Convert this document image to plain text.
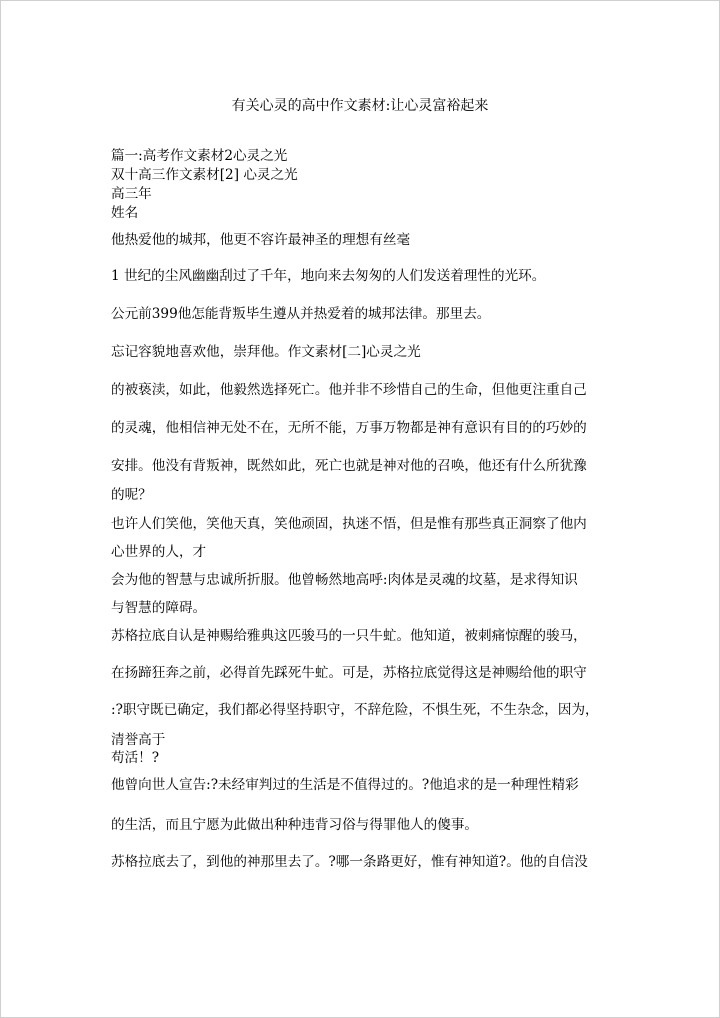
有关心灵的高中作文素材:让心灵富裕起来
篇一:高考作文素材2心灵之光
双十高三作文素材[2] 心灵之光
高三年
姓名
他热爱他的城邦，他更不容许最神圣的理想有丝毫
1 世纪的尘风幽幽刮过了千年，地向来去匆匆的人们发送着理性的光环。
公元前399他怎能背叛毕生遵从并热爱着的城邦法律。那里去。
忘记容貌地喜欢他，崇拜他。作文素材[二]心灵之光
的被亵渎，如此，他毅然选择死亡。他并非不珍惜自己的生命，但他更注重自己
的灵魂，他相信神无处不在，无所不能，万事万物都是神有意识有目的的巧妙的
安排。他没有背叛神，既然如此，死亡也就是神对他的召唤，他还有什么所犹豫
的呢？
也许人们笑他，笑他天真，笑他顽固，执迷不悟，但是惟有那些真正洞察了他内
心世界的人，才
会为他的智慧与忠诚所折服。他曾畅然地高呼:肉体是灵魂的坟墓，是求得知识
与智慧的障碍。
苏格拉底自认是神赐给雅典这匹骏马的一只牛虻。他知道，被刺痛惊醒的骏马，
在扬蹄狂奔之前，必得首先踩死牛虻。可是，苏格拉底觉得这是神赐给他的职守
:?职守既已确定，我们都必得坚持职守，不辞危险，不惧生死，不生杂念，因为，
清誉高于
苟活！?
他曾向世人宣告:?未经审判过的生活是不值得过的。?他追求的是一种理性精彩
的生活，而且宁愿为此做出种种违背习俗与得罪他人的傻事。
苏格拉底去了，到他的神那里去了。?哪一条路更好，惟有神知道?。他的自信没
